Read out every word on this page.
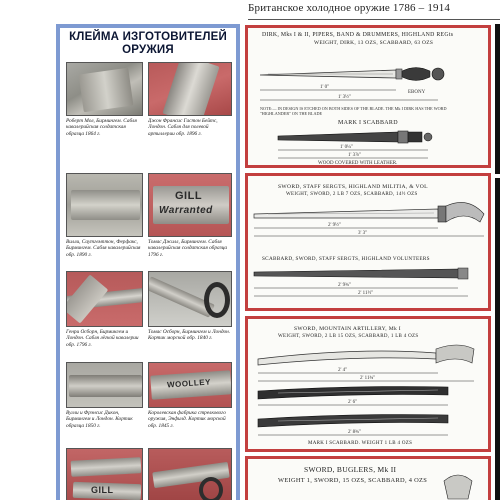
Британское холодное оружие 1786 – 1914
КЛЕЙМА ИЗГОТОВИТЕЛЕЙ
ОРУЖИЯ
Роберт Мол, Бирмингем. Сабля кавалерийская солдатская образца 1864 г.
Джон Франсис Гастон Бейтс, Лондон. Сабля для полевой артиллерии обр. 1896 г.
GILL
Warranted
Вилли, Саутгемптон, Ферфакс, Бирмингем. Сабля кавалерийская обр. 1890 г.
Томас Джилл, Бирмингем. Сабля кавалерийская солдатская образца 1796 г.
Генри Осборн, Бирмингем и Лондон. Сабля лёгкой кавалерии обр. 1796 г.
Томас Осборн, Бирмингем и Лондон. Кортик морской обр. 1840 г.
WOOLLEY
Вулли и Фрэнсис Дикон, Бирмингем и Лондон. Кортик образца 1850 г.
Королевская фабрика стрелкового оружия, Энфилд. Кортик морской обр. 1845 г.
GILL
DIRK, Mks I & II, PIPERS, BAND & DRUMMERS, HIGHLAND REGts
WEIGHT, DIRK, 13 OZS, SCABBARD, 63 OZS
1' 0"
1' 3½"
EBONY
NOTE:— IN DESIGN IS ETCHED ON BOTH SIDES OF THE BLADE. THE Mk I DIRK HAS THE WORD "HIGHLANDER" ON THE BLADE
MARK I SCABBARD
1' 0¼"
1' 3⅞"
WOOD COVERED WITH LEATHER.
SWORD, STAFF SERGTS, HIGHLAND MILITIA, & VOL
WEIGHT, SWORD, 2 LB 7 OZS, SCABBARD, 14½ OZS
2' 9½"
3' 3"
SCABBARD, SWORD, STAFF SERGTS, HIGHLAND VOLUNTEERS
2' 9¾"
2' 11½"
SWORD, MOUNTAIN ARTILLERY, Mk I
WEIGHT, SWORD, 2 LB 15 OZS, SCABBARD, 1 LB 4 OZS
2' 4"
2' 11¾"
2' 6"
2' 8¾"
MARK I SCABBARD. WEIGHT 1 LB 4 OZS
SWORD, BUGLERS, Mk II
WEIGHT 1, SWORD, 15 OZS, SCABBARD, 4 OZS
